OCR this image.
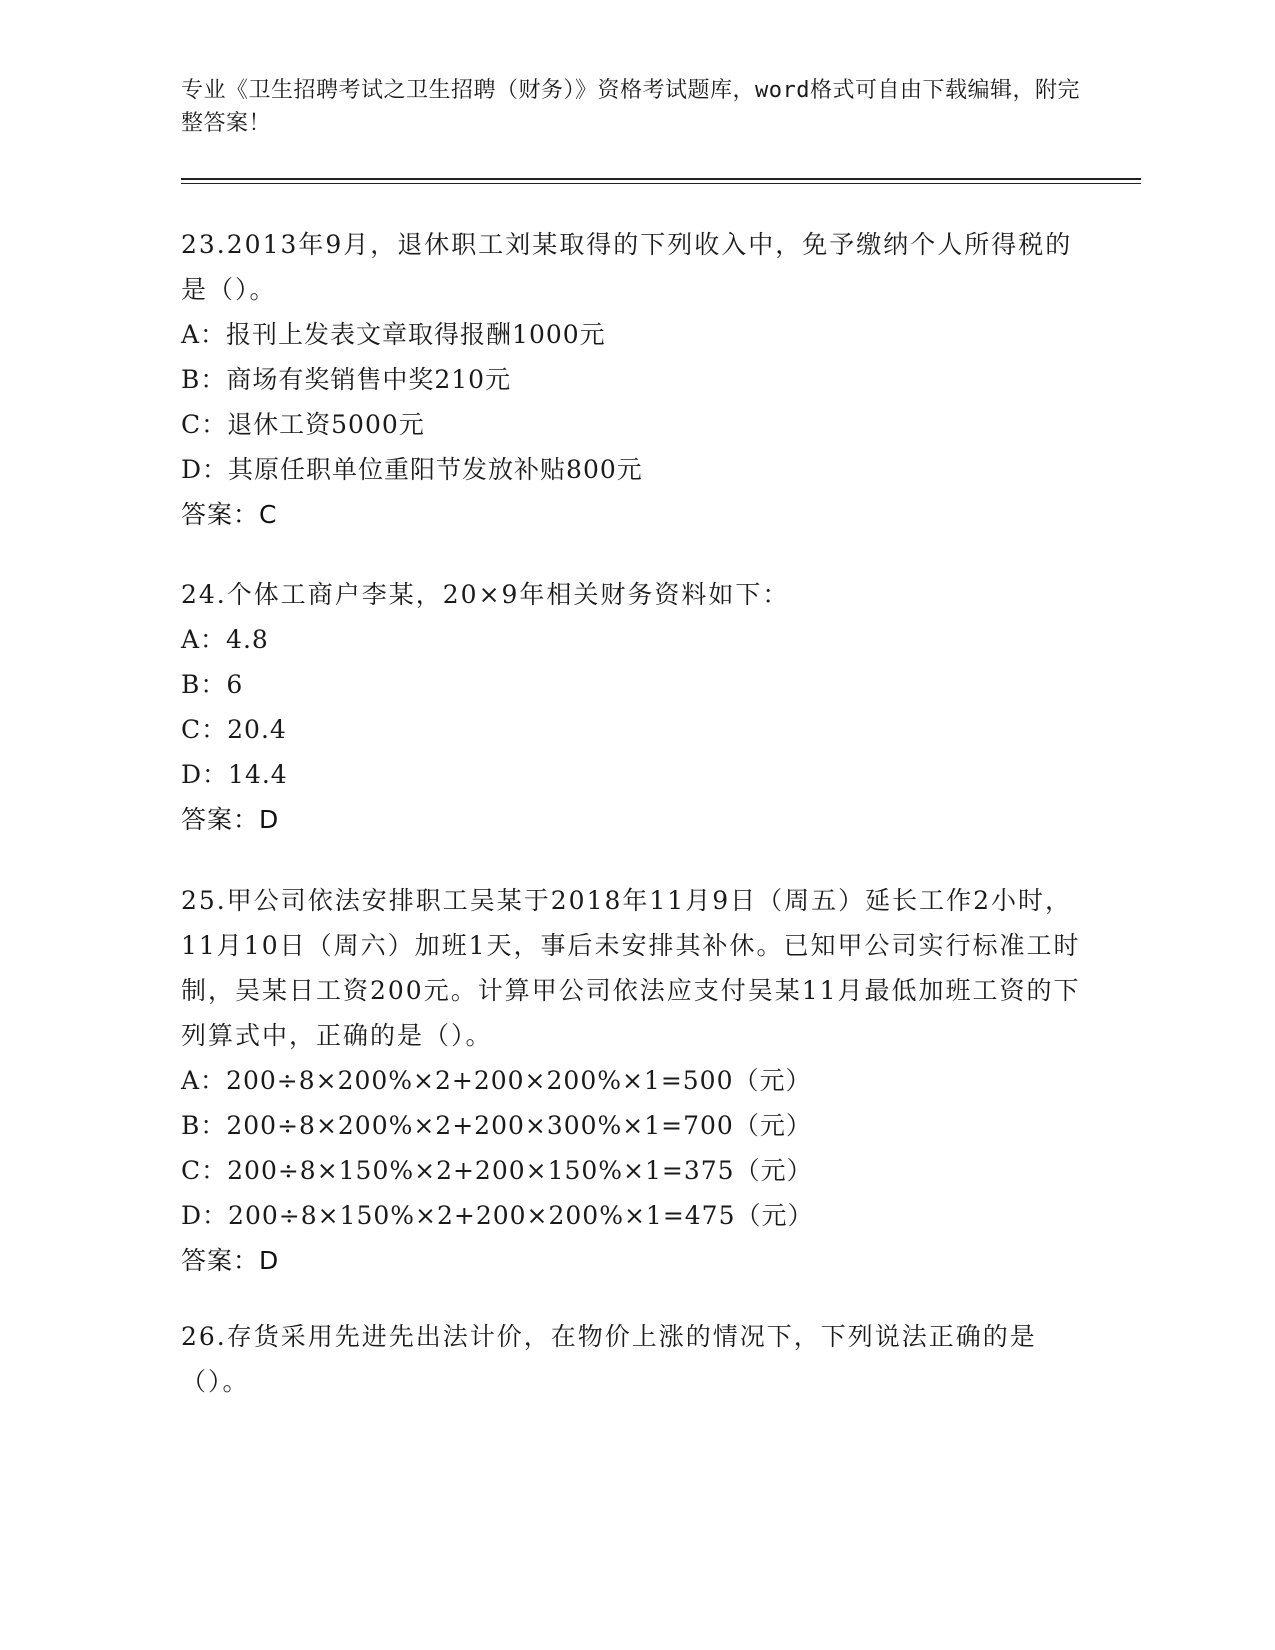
专业《卫生招聘考试之卫生招聘（财务）》资格考试题库，word格式可自由下载编辑，附完整答案！
23.2013年9月，退休职工刘某取得的下列收入中，免予缴纳个人所得税的是（）。
A：报刊上发表文章取得报酬1000元
B：商场有奖销售中奖210元
C：退休工资5000元
D：其原任职单位重阳节发放补贴800元
答案：C
24.个体工商户李某，20×9年相关财务资料如下：
A：4.8
B：6
C：20.4
D：14.4
答案：D
25.甲公司依法安排职工吴某于2018年11月9日（周五）延长工作2小时，11月10日（周六）加班1天，事后未安排其补休。已知甲公司实行标准工时制，吴某日工资200元。计算甲公司依法应支付吴某11月最低加班工资的下列算式中，正确的是（）。
A：200÷8×200%×2+200×200%×1=500（元）
B：200÷8×200%×2+200×300%×1=700（元）
C：200÷8×150%×2+200×150%×1=375（元）
D：200÷8×150%×2+200×200%×1=475（元）
答案：D
26.存货采用先进先出法计价，在物价上涨的情况下，下列说法正确的是（）。
